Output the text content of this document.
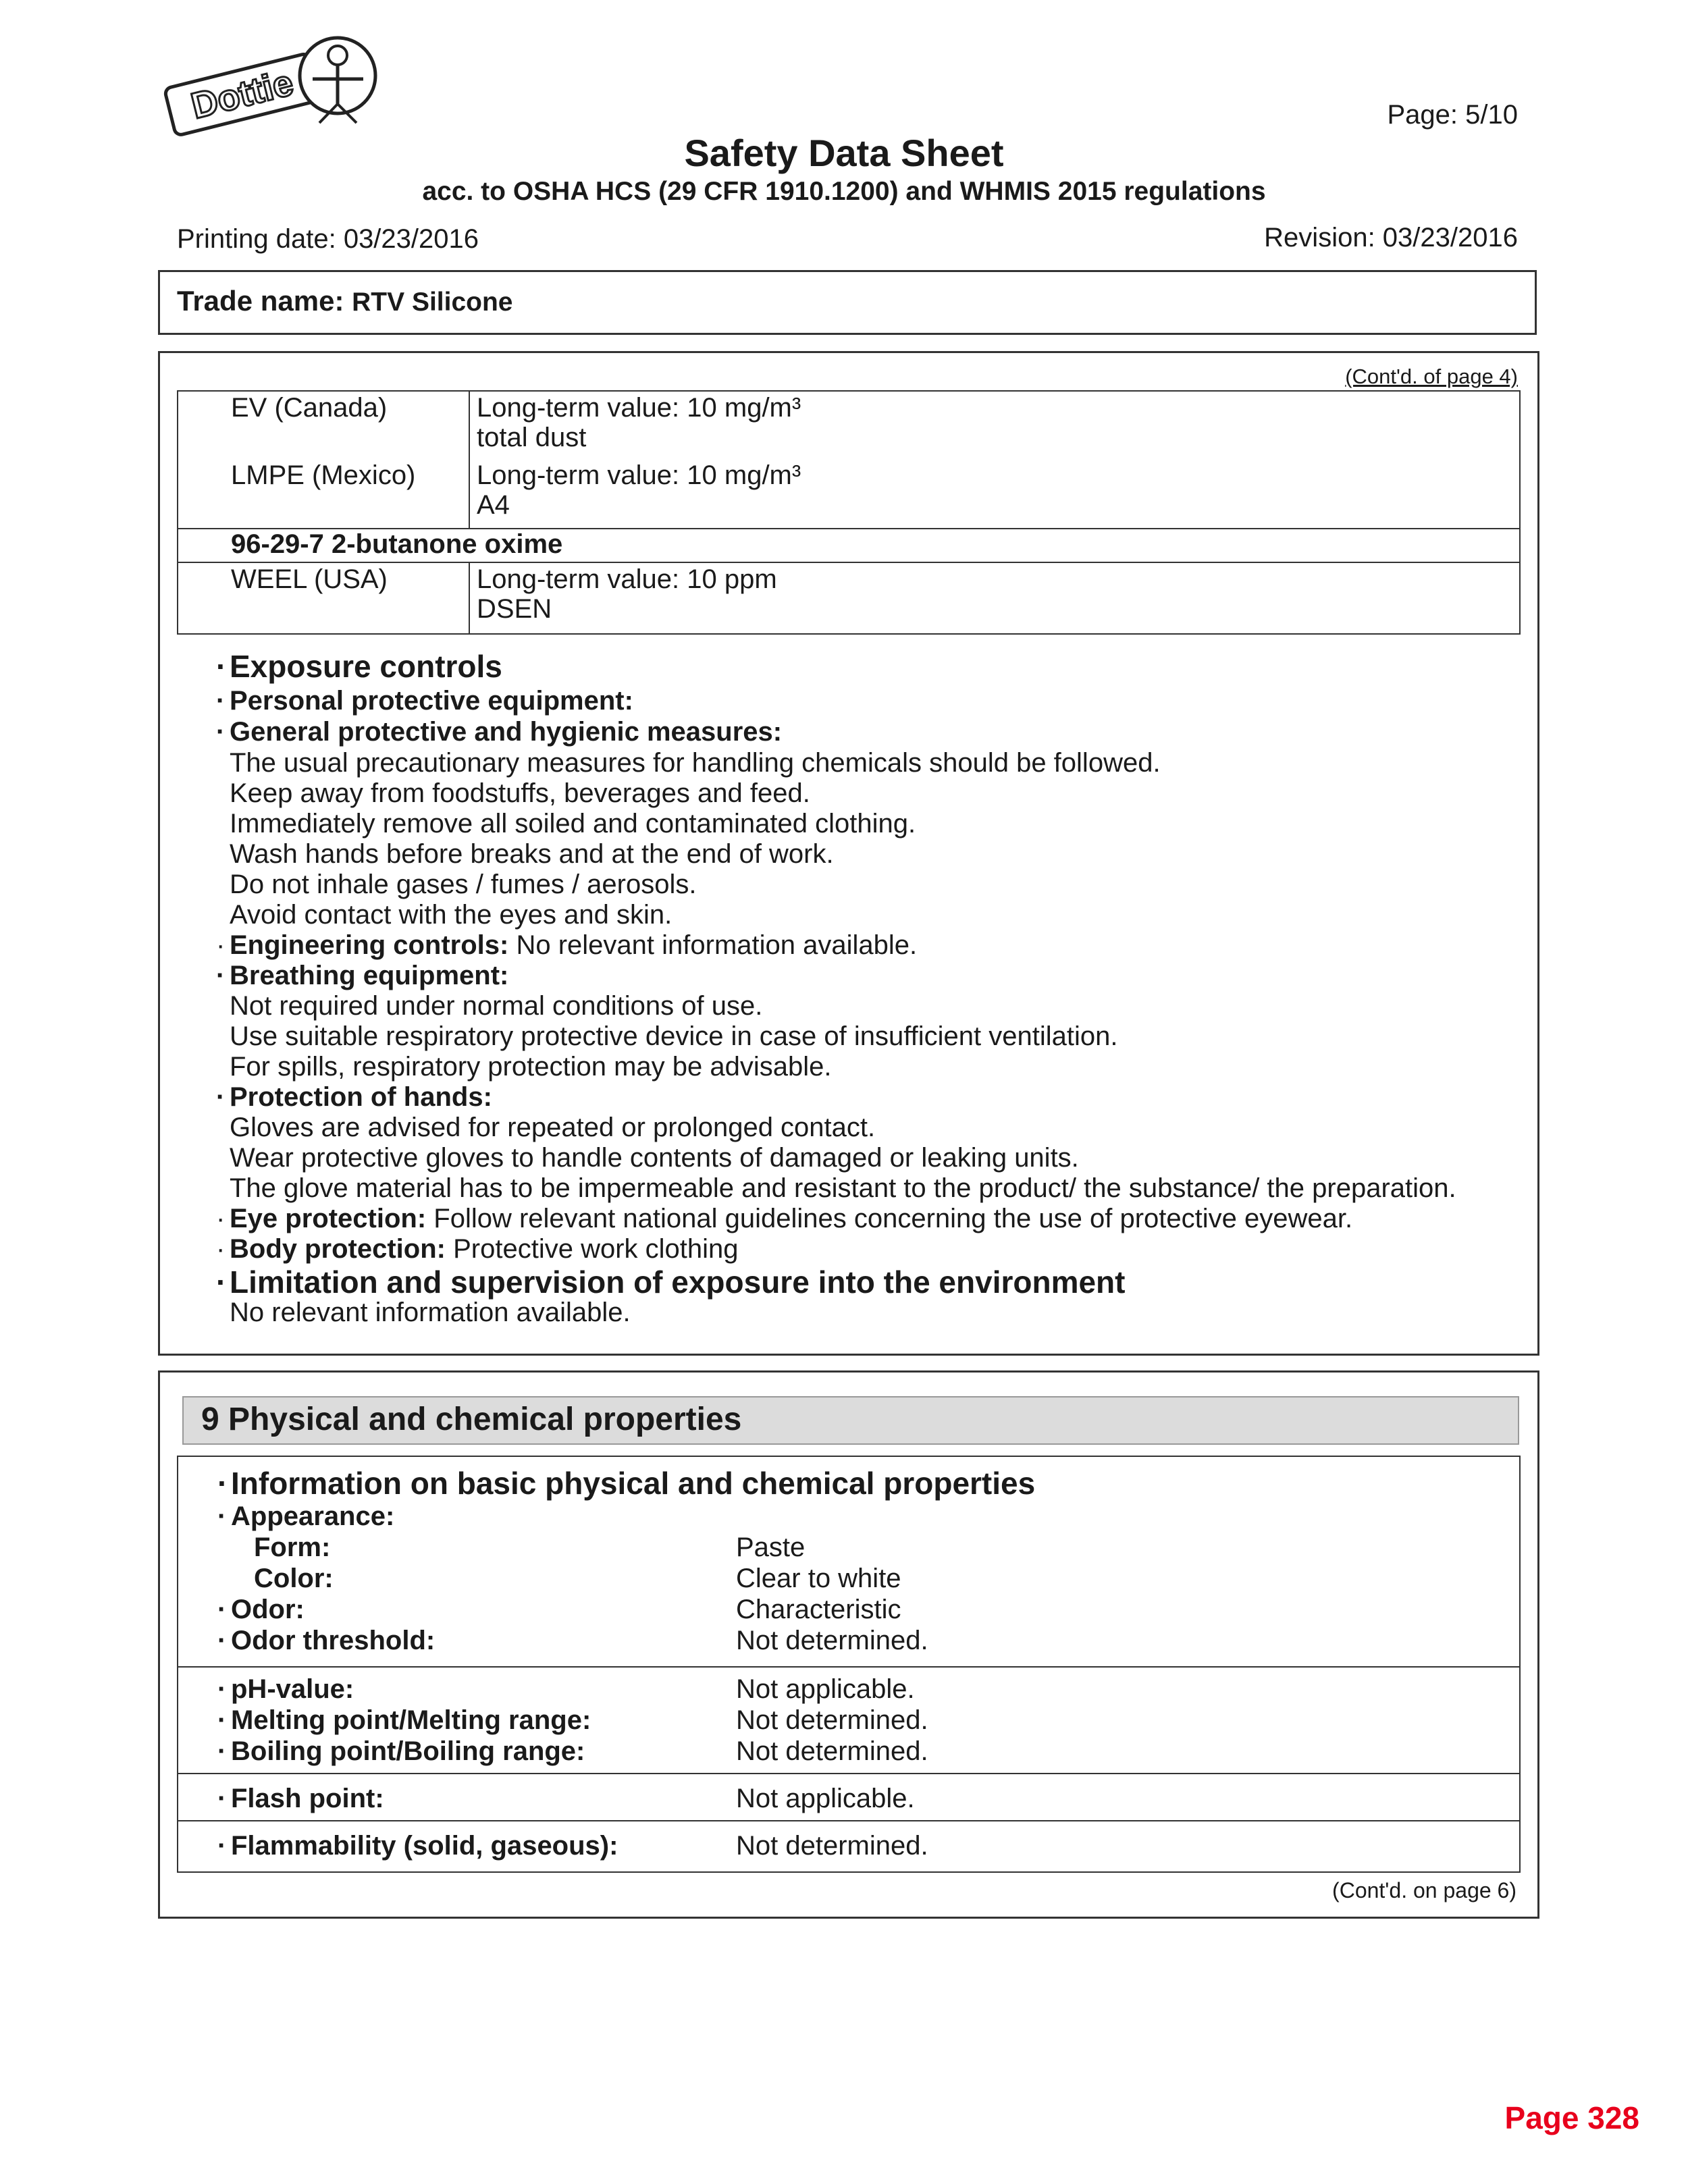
Dottie	Page: 5/10
Safety Data Sheet
acc. to OSHA HCS (29 CFR 1910.1200) and WHMIS 2015 regulations
Printing date: 03/23/2016	Revision: 03/23/2016
Trade name: RTV Silicone
(Cont'd. of page 4)
EV (Canada)	Long-term value: 10 mg/m³
total dust
LMPE (Mexico) Long-term value: 10 mg/m³
A4
96-29-7 2-butanone oxime
WEEL (USA)	Long-term value: 10 ppm
DSEN
· Exposure controls
· Personal protective equipment:
· General protective and hygienic measures:
The usual precautionary measures for handling chemicals should be followed.
Keep away from foodstuffs, beverages and feed.
Immediately remove all soiled and contaminated clothing.
Wash hands before breaks and at the end of work.
Do not inhale gases / fumes / aerosols.
Avoid contact with the eyes and skin.
· Engineering controls: No relevant information available.
· Breathing equipment:
Not required under normal conditions of use.
Use suitable respiratory protective device in case of insufficient ventilation.
For spills, respiratory protection may be advisable.
· Protection of hands:
Gloves are advised for repeated or prolonged contact.
Wear protective gloves to handle contents of damaged or leaking units.
The glove material has to be impermeable and resistant to the product/ the substance/ the preparation.
· Eye protection: Follow relevant national guidelines concerning the use of protective eyewear.
· Body protection: Protective work clothing
· Limitation and supervision of exposure into the environment
No relevant information available.
9 Physical and chemical properties
· Information on basic physical and chemical properties
· Appearance:
Form:	Paste
Color:	Clear to white
· Odor:	Characteristic
· Odor threshold:	Not determined.
· pH-value:	Not applicable.
· Melting point/Melting range:	Not determined.
· Boiling point/Boiling range:	Not determined.
· Flash point:	Not applicable.
· Flammability (solid, gaseous):	Not determined.
(Cont'd. on page 6)
Page 328
